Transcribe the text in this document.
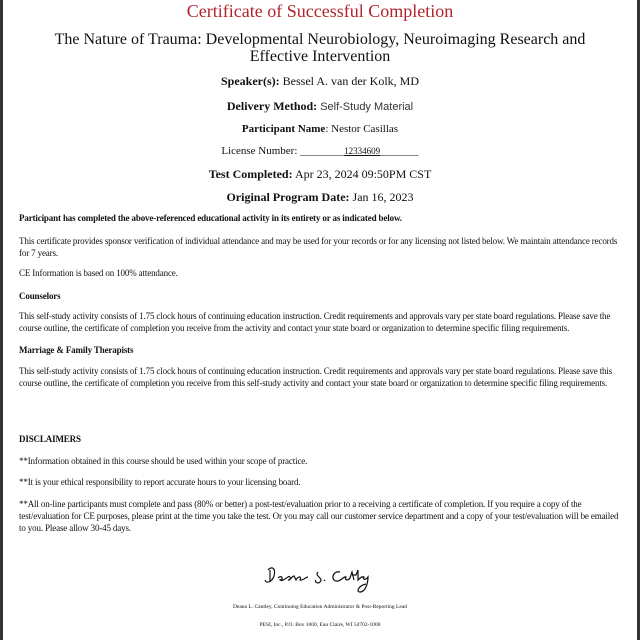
Certificate of Successful Completion
The Nature of Trauma: Developmental Neurobiology, Neuroimaging Research and Effective Intervention
Speaker(s): Bessel A. van der Kolk, MD
Delivery Method: Self-Study Material
Participant Name: Nestor Casillas
License Number: ________12334609_______
Test Completed: Apr 23, 2024 09:50PM CST
Original Program Date: Jan 16, 2023
Participant has completed the above-referenced educational activity in its entirety or as indicated below.
This certificate provides sponsor verification of individual attendance and may be used for your records or for any licensing not listed below. We maintain attendance records for 7 years.
CE Information is based on 100% attendance.
Counselors
This self-study activity consists of 1.75 clock hours of continuing education instruction. Credit requirements and approvals vary per state board regulations. Please save the course outline, the certificate of completion you receive from the activity and contact your state board or organization to determine specific filing requirements.
Marriage & Family Therapists
This self-study activity consists of 1.75 clock hours of continuing education instruction. Credit requirements and approvals vary per state board regulations. Please save this course outline, the certificate of completion you receive from this self-study activity and contact your state board or organization to determine specific filing requirements.
DISCLAIMERS
**Information obtained in this course should be used within your scope of practice.
**It is your ethical responsibility to report accurate hours to your licensing board.
**All on-line participants must complete and pass (80% or better) a post-test/evaluation prior to a receiving a certificate of completion. If you require a copy of the test/evaluation for CE purposes, please print at the time you take the test. Or you may call our customer service department and a copy of your test/evaluation will be emailed to you. Please allow 30-45 days.
Deana L. Cantley, Continuing Education Administrator & Post-Reporting Lead
PESI, Inc., P.O. Box 1000, Eau Claire, WI 54702-1000
